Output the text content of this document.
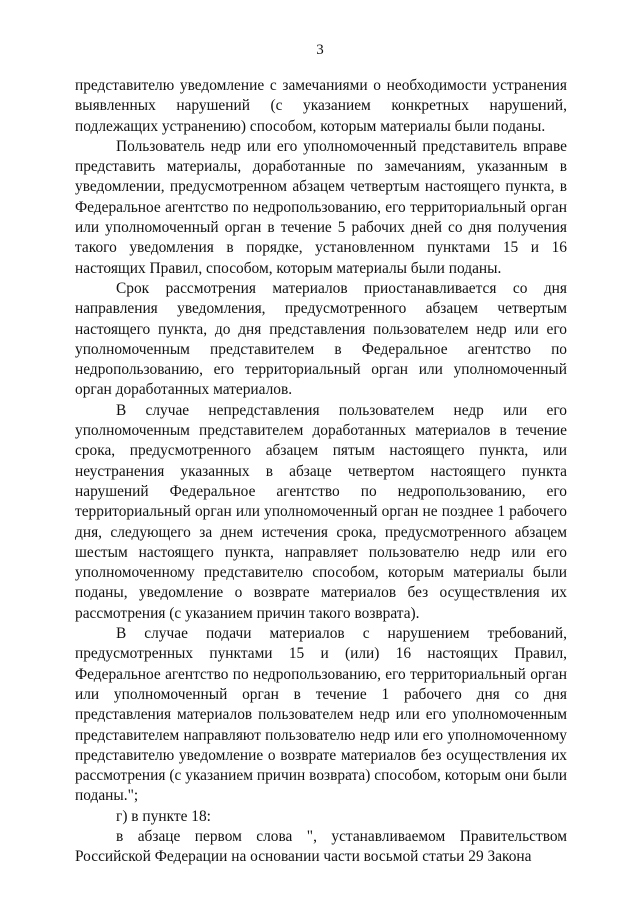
3

представителю уведомление с замечаниями о необходимости устранения выявленных нарушений (с указанием конкретных нарушений, подлежащих устранению) способом, которым материалы были поданы.

Пользователь недр или его уполномоченный представитель вправе представить материалы, доработанные по замечаниям, указанным в уведомлении, предусмотренном абзацем четвертым настоящего пункта, в Федеральное агентство по недропользованию, его территориальный орган или уполномоченный орган в течение 5 рабочих дней со дня получения такого уведомления в порядке, установленном пунктами 15 и 16 настоящих Правил, способом, которым материалы были поданы.

Срок рассмотрения материалов приостанавливается со дня направления уведомления, предусмотренного абзацем четвертым настоящего пункта, до дня представления пользователем недр или его уполномоченным представителем в Федеральное агентство по недропользованию, его территориальный орган или уполномоченный орган доработанных материалов.

В случае непредставления пользователем недр или его уполномоченным представителем доработанных материалов в течение срока, предусмотренного абзацем пятым настоящего пункта, или неустранения указанных в абзаце четвертом настоящего пункта нарушений Федеральное агентство по недропользованию, его территориальный орган или уполномоченный орган не позднее 1 рабочего дня, следующего за днем истечения срока, предусмотренного абзацем шестым настоящего пункта, направляет пользователю недр или его уполномоченному представителю способом, которым материалы были поданы, уведомление о возврате материалов без осуществления их рассмотрения (с указанием причин такого возврата).

В случае подачи материалов с нарушением требований, предусмотренных пунктами 15 и (или) 16 настоящих Правил, Федеральное агентство по недропользованию, его территориальный орган или уполномоченный орган в течение 1 рабочего дня со дня представления материалов пользователем недр или его уполномоченным представителем направляют пользователю недр или его уполномоченному представителю уведомление о возврате материалов без осуществления их рассмотрения (с указанием причин возврата) способом, которым они были поданы.";

г) в пункте 18:

в абзаце первом слова ", устанавливаемом Правительством Российской Федерации на основании части восьмой статьи 29 Закона
